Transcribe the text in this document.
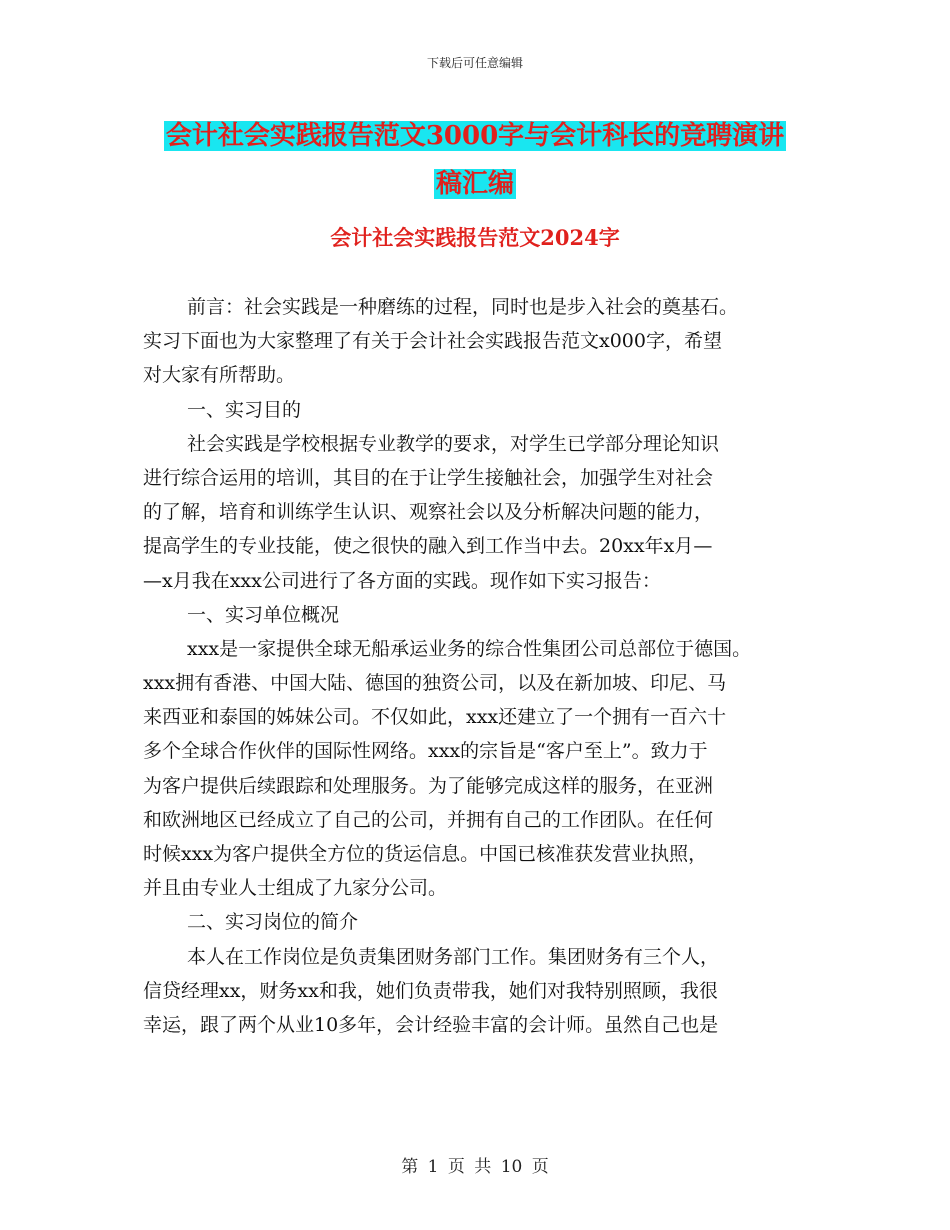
下载后可任意编辑
会计社会实践报告范文3000字与会计科长的竞聘演讲
稿汇编
会计社会实践报告范文2024字
前言：社会实践是一种磨练的过程，同时也是步入社会的奠基石。
实习下面也为大家整理了有关于会计社会实践报告范文x000字，希望
对大家有所帮助。
一、实习目的
社会实践是学校根据专业教学的要求，对学生已学部分理论知识
进行综合运用的培训，其目的在于让学生接触社会，加强学生对社会
的了解，培育和训练学生认识、观察社会以及分析解决问题的能力，
提高学生的专业技能，使之很快的融入到工作当中去。20xx年x月—
—x月我在xxx公司进行了各方面的实践。现作如下实习报告：
一、实习单位概况
xxx是一家提供全球无船承运业务的综合性集团公司总部位于德国。
xxx拥有香港、中国大陆、德国的独资公司，以及在新加坡、印尼、马
来西亚和泰国的姊妹公司。不仅如此，xxx还建立了一个拥有一百六十
多个全球合作伙伴的国际性网络。xxx的宗旨是“客户至上”。致力于
为客户提供后续跟踪和处理服务。为了能够完成这样的服务，在亚洲
和欧洲地区已经成立了自己的公司，并拥有自己的工作团队。在任何
时候xxx为客户提供全方位的货运信息。中国已核准获发营业执照，
并且由专业人士组成了九家分公司。
二、实习岗位的简介
本人在工作岗位是负责集团财务部门工作。集团财务有三个人，
信贷经理xx，财务xx和我，她们负责带我，她们对我特别照顾，我很
幸运，跟了两个从业10多年，会计经验丰富的会计师。虽然自己也是
第 1 页 共 10 页
